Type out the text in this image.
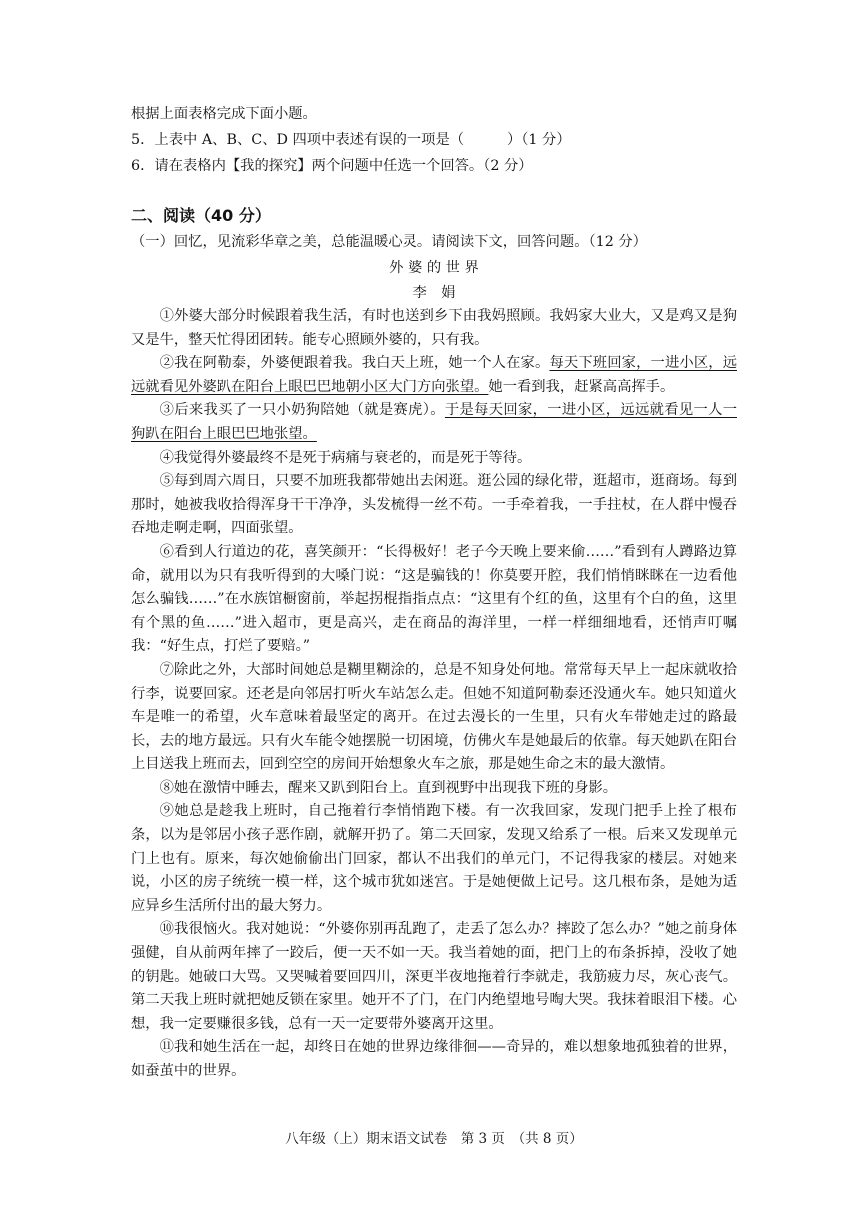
根据上面表格完成下面小题。
5．上表中 A、B、C、D 四项中表述有误的一项是（　　　）（1 分）
6．请在表格内【我的探究】两个问题中任选一个回答。（2 分）
二、阅读（40 分）
（一）回忆，见流彩华章之美，总能温暖心灵。请阅读下文，回答问题。（12 分）
外 婆 的 世 界
李　娟

①外婆大部分时候跟着我生活，有时也送到乡下由我妈照顾。我妈家大业大，又是鸡又是狗又是牛，整天忙得团团转。能专心照顾外婆的，只有我。

②我在阿勒泰，外婆便跟着我。我白天上班，她一个人在家。每天下班回家，一进小区，远远就看见外婆趴在阳台上眼巴巴地朝小区大门方向张望。她一看到我，赶紧高高挥手。

③后来我买了一只小奶狗陪她（就是赛虎）。于是每天回家，一进小区，远远就看见一人一狗趴在阳台上眼巴巴地张望。

④我觉得外婆最终不是死于病痛与衰老的，而是死于等待。

⑤每到周六周日，只要不加班我都带她出去闲逛。逛公园的绿化带，逛超市，逛商场。每到那时，她被我收拾得浑身干干净净，头发梳得一丝不苟。一手牵着我，一手拄杖，在人群中慢吞吞地走啊走啊，四面张望。

⑥看到人行道边的花，喜笑颜开：“长得极好！老子今天晚上要来偷……”看到有人蹲路边算命，就用以为只有我听得到的大嗓门说：“这是骗钱的！你莫要开腔，我们悄悄眯眯在一边看他怎么骗钱……”在水族馆橱窗前，举起拐棍指指点点：“这里有个红的鱼，这里有个白的鱼，这里有个黑的鱼……”进入超市，更是高兴，走在商品的海洋里，一样一样细细地看，还悄声叮嘱我：“好生点，打烂了要赔。”

⑦除此之外，大部时间她总是糊里糊涂的，总是不知身处何地。常常每天早上一起床就收拾行李，说要回家。还老是向邻居打听火车站怎么走。但她不知道阿勒泰还没通火车。她只知道火车是唯一的希望，火车意味着最坚定的离开。在过去漫长的一生里，只有火车带她走过的路最长，去的地方最远。只有火车能令她摆脱一切困境，仿佛火车是她最后的依靠。每天她趴在阳台上目送我上班而去，回到空空的房间开始想象火车之旅，那是她生命之末的最大激情。

⑧她在激情中睡去，醒来又趴到阳台上。直到视野中出现我下班的身影。

⑨她总是趁我上班时，自己拖着行李悄悄跑下楼。有一次我回家，发现门把手上拴了根布条，以为是邻居小孩子恶作剧，就解开扔了。第二天回家，发现又给系了一根。后来又发现单元门上也有。原来，每次她偷偷出门回家，都认不出我们的单元门，不记得我家的楼层。对她来说，小区的房子统统一模一样，这个城市犹如迷宫。于是她便做上记号。这几根布条，是她为适应异乡生活所付出的最大努力。

⑩我很恼火。我对她说：“外婆你别再乱跑了，走丢了怎么办？摔跤了怎么办？”她之前身体强健，自从前两年摔了一跤后，便一天不如一天。我当着她的面，把门上的布条拆掉，没收了她的钥匙。她破口大骂。又哭喊着要回四川，深更半夜地拖着行李就走，我筋疲力尽，灰心丧气。第二天我上班时就把她反锁在家里。她开不了门，在门内绝望地号啕大哭。我抹着眼泪下楼。心想，我一定要赚很多钱，总有一天一定要带外婆离开这里。

⑪我和她生活在一起，却终日在她的世界边缘徘徊——奇异的，难以想象地孤独着的世界，如蚕茧中的世界。

八年级（上）期末语文试卷　第 3 页　（共 8 页）
